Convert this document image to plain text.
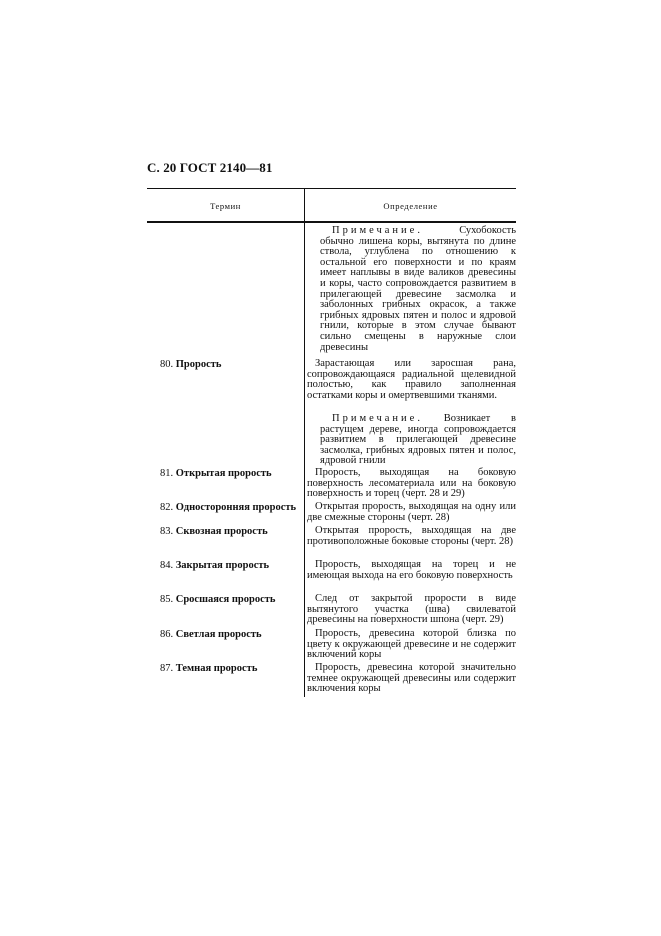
С. 20 ГОСТ 2140—81
Термин	Определение

Примечание. Сухобокость обычно лишена коры, вытянута по длине ствола, углублена по отношению к остальной его поверхности и по краям имеет наплывы в виде валиков древесины и коры, часто сопровождается развитием в прилегающей древесине засмолка и заболонных грибных окрасок, а также грибных ядровых пятен и полос и ядровой гнили, которые в этом случае бывают сильно смещены в наружные слои древесины

80. Прорость	Зарастающая или заросшая рана, сопровождающаяся радиальной щелевидной полостью, как правило заполненная остатками коры и омертвевшими тканями.

Примечание. Возникает в растущем дереве, иногда сопровождается развитием в прилегающей древесине засмолка, грибных ядровых пятен и полос, ядровой гнили

81. Открытая прорость	Прорость, выходящая на боковую поверхность лесоматериала или на боковую поверхность и торец (черт. 28 и 29)

82. Односторонняя прорость	Открытая прорость, выходящая на одну или две смежные стороны (черт. 28)

83. Сквозная прорость	Открытая прорость, выходящая на две противоположные боковые стороны (черт. 28)

84. Закрытая прорость	Прорость, выходящая на торец и не имеющая выхода на его боковую поверхность

85. Сросшаяся прорость	След от закрытой прорости в виде вытянутого участка (шва) свилеватой древесины на поверхности шпона (черт. 29)

86. Светлая прорость	Прорость, древесина которой близка по цвету к окружающей древесине и не содержит включений коры

87. Темная прорость	Прорость, древесина которой значительно темнее окружающей древесины или содержит включения коры
